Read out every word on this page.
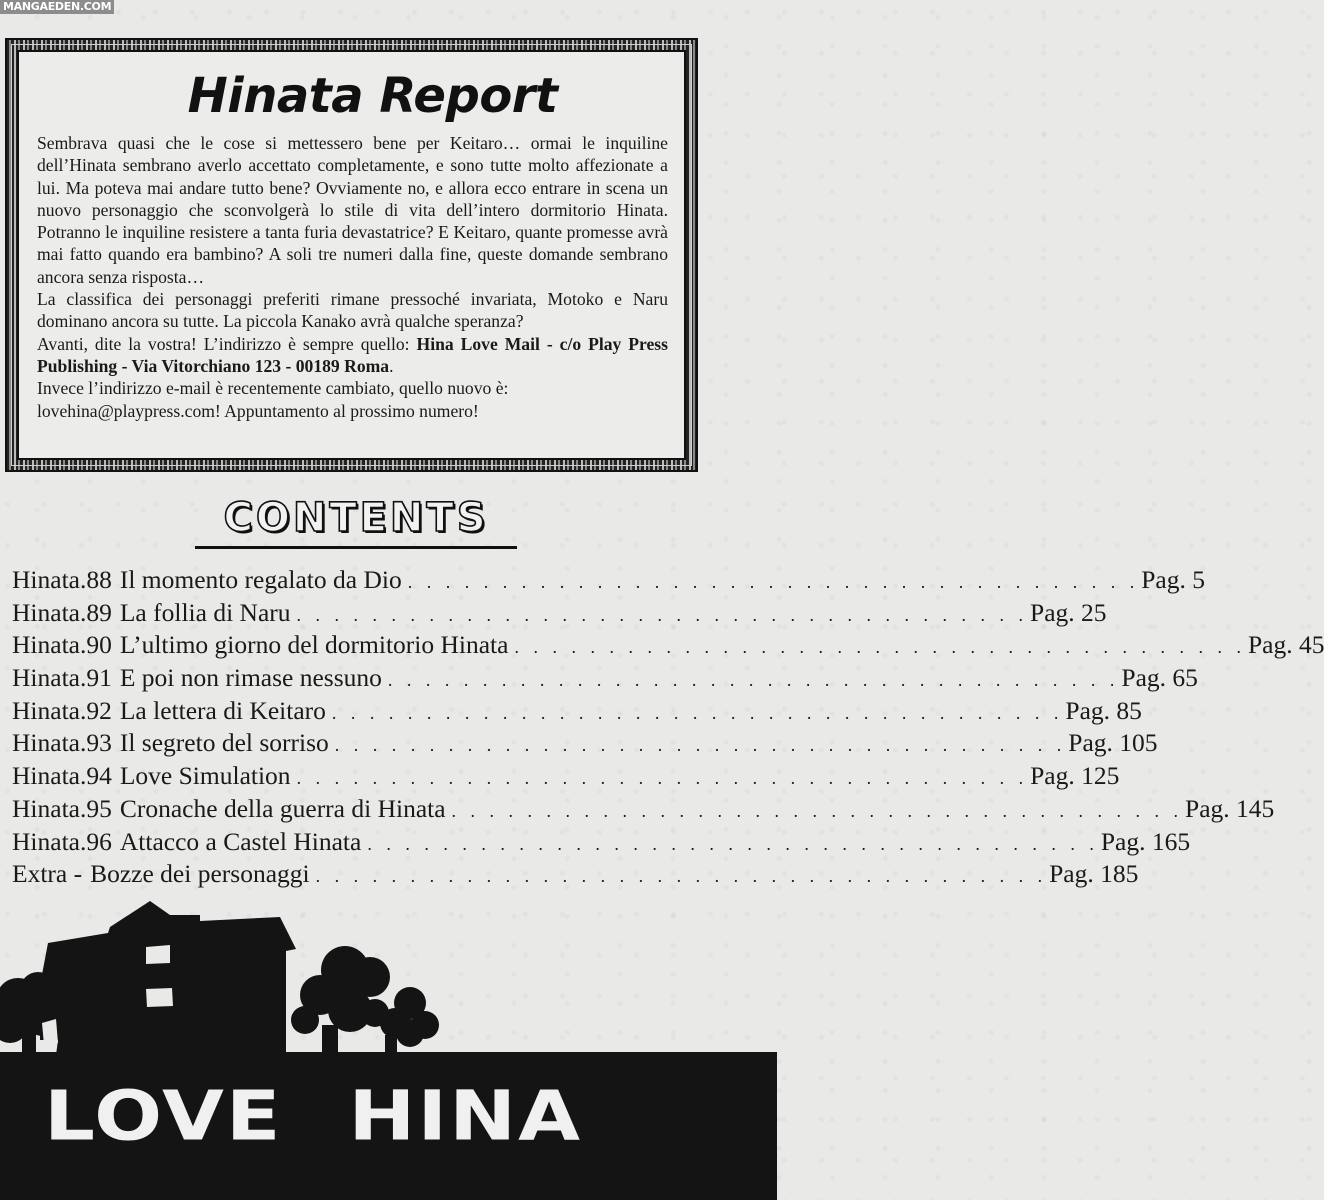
MANGAEDEN.COM
Hinata Report

Sembrava quasi che le cose si mettessero bene per Keitaro… ormai le inquiline dell’Hinata sembrano averlo accettato completamente, e sono tutte molto affezionate a lui. Ma poteva mai andare tutto bene? Ovviamente no, e allora ecco entrare in scena un nuovo personaggio che sconvolgerà lo stile di vita dell’intero dormitorio Hinata. Potranno le inquiline resistere a tanta furia devastatrice? E Keitaro, quante promesse avrà mai fatto quando era bambino? A soli tre numeri dalla fine, queste domande sembrano ancora senza risposta…

La classifica dei personaggi preferiti rimane pressoché invariata, Motoko e Naru dominano ancora su tutte. La piccola Kanako avrà qualche speranza?

Avanti, dite la vostra! L’indirizzo è sempre quello: Hina Love Mail - c/o Play Press Publishing - Via Vitorchiano 123 - 00189 Roma.

Invece l’indirizzo e-mail è recentemente cambiato, quello nuovo è:

lovehina@playpress.com! Appuntamento al prossimo numero!

CONTENTS
Hinata.88 Il momento regalato da Dio . . . . . . . . . . . . . . . . . . . . . . . . . . . . . . . . . . . . . . . Pag. 5
Hinata.89 La follia di Naru . . . . . . . . . . . . . . . . . . . . . . . . . . . . . . . . . . . . . . . Pag. 25
Hinata.90 L’ultimo giorno del dormitorio Hinata . . . . . . . . . . . . . . . . . . . . . . . . . . . . . . . . . . . . . . . Pag. 45
Hinata.91 E poi non rimase nessuno . . . . . . . . . . . . . . . . . . . . . . . . . . . . . . . . . . . . . . . Pag. 65
Hinata.92 La lettera di Keitaro . . . . . . . . . . . . . . . . . . . . . . . . . . . . . . . . . . . . . . . Pag. 85
Hinata.93 Il segreto del sorriso . . . . . . . . . . . . . . . . . . . . . . . . . . . . . . . . . . . . . . . Pag. 105
Hinata.94 Love Simulation . . . . . . . . . . . . . . . . . . . . . . . . . . . . . . . . . . . . . . . Pag. 125
Hinata.95 Cronache della guerra di Hinata . . . . . . . . . . . . . . . . . . . . . . . . . . . . . . . . . . . . . . . Pag. 145
Hinata.96 Attacco a Castel Hinata . . . . . . . . . . . . . . . . . . . . . . . . . . . . . . . . . . . . . . . Pag. 165
Extra - Bozze dei personaggi . . . . . . . . . . . . . . . . . . . . . . . . . . . . . . . . . . . . . . . Pag. 185
LOVE HINA
